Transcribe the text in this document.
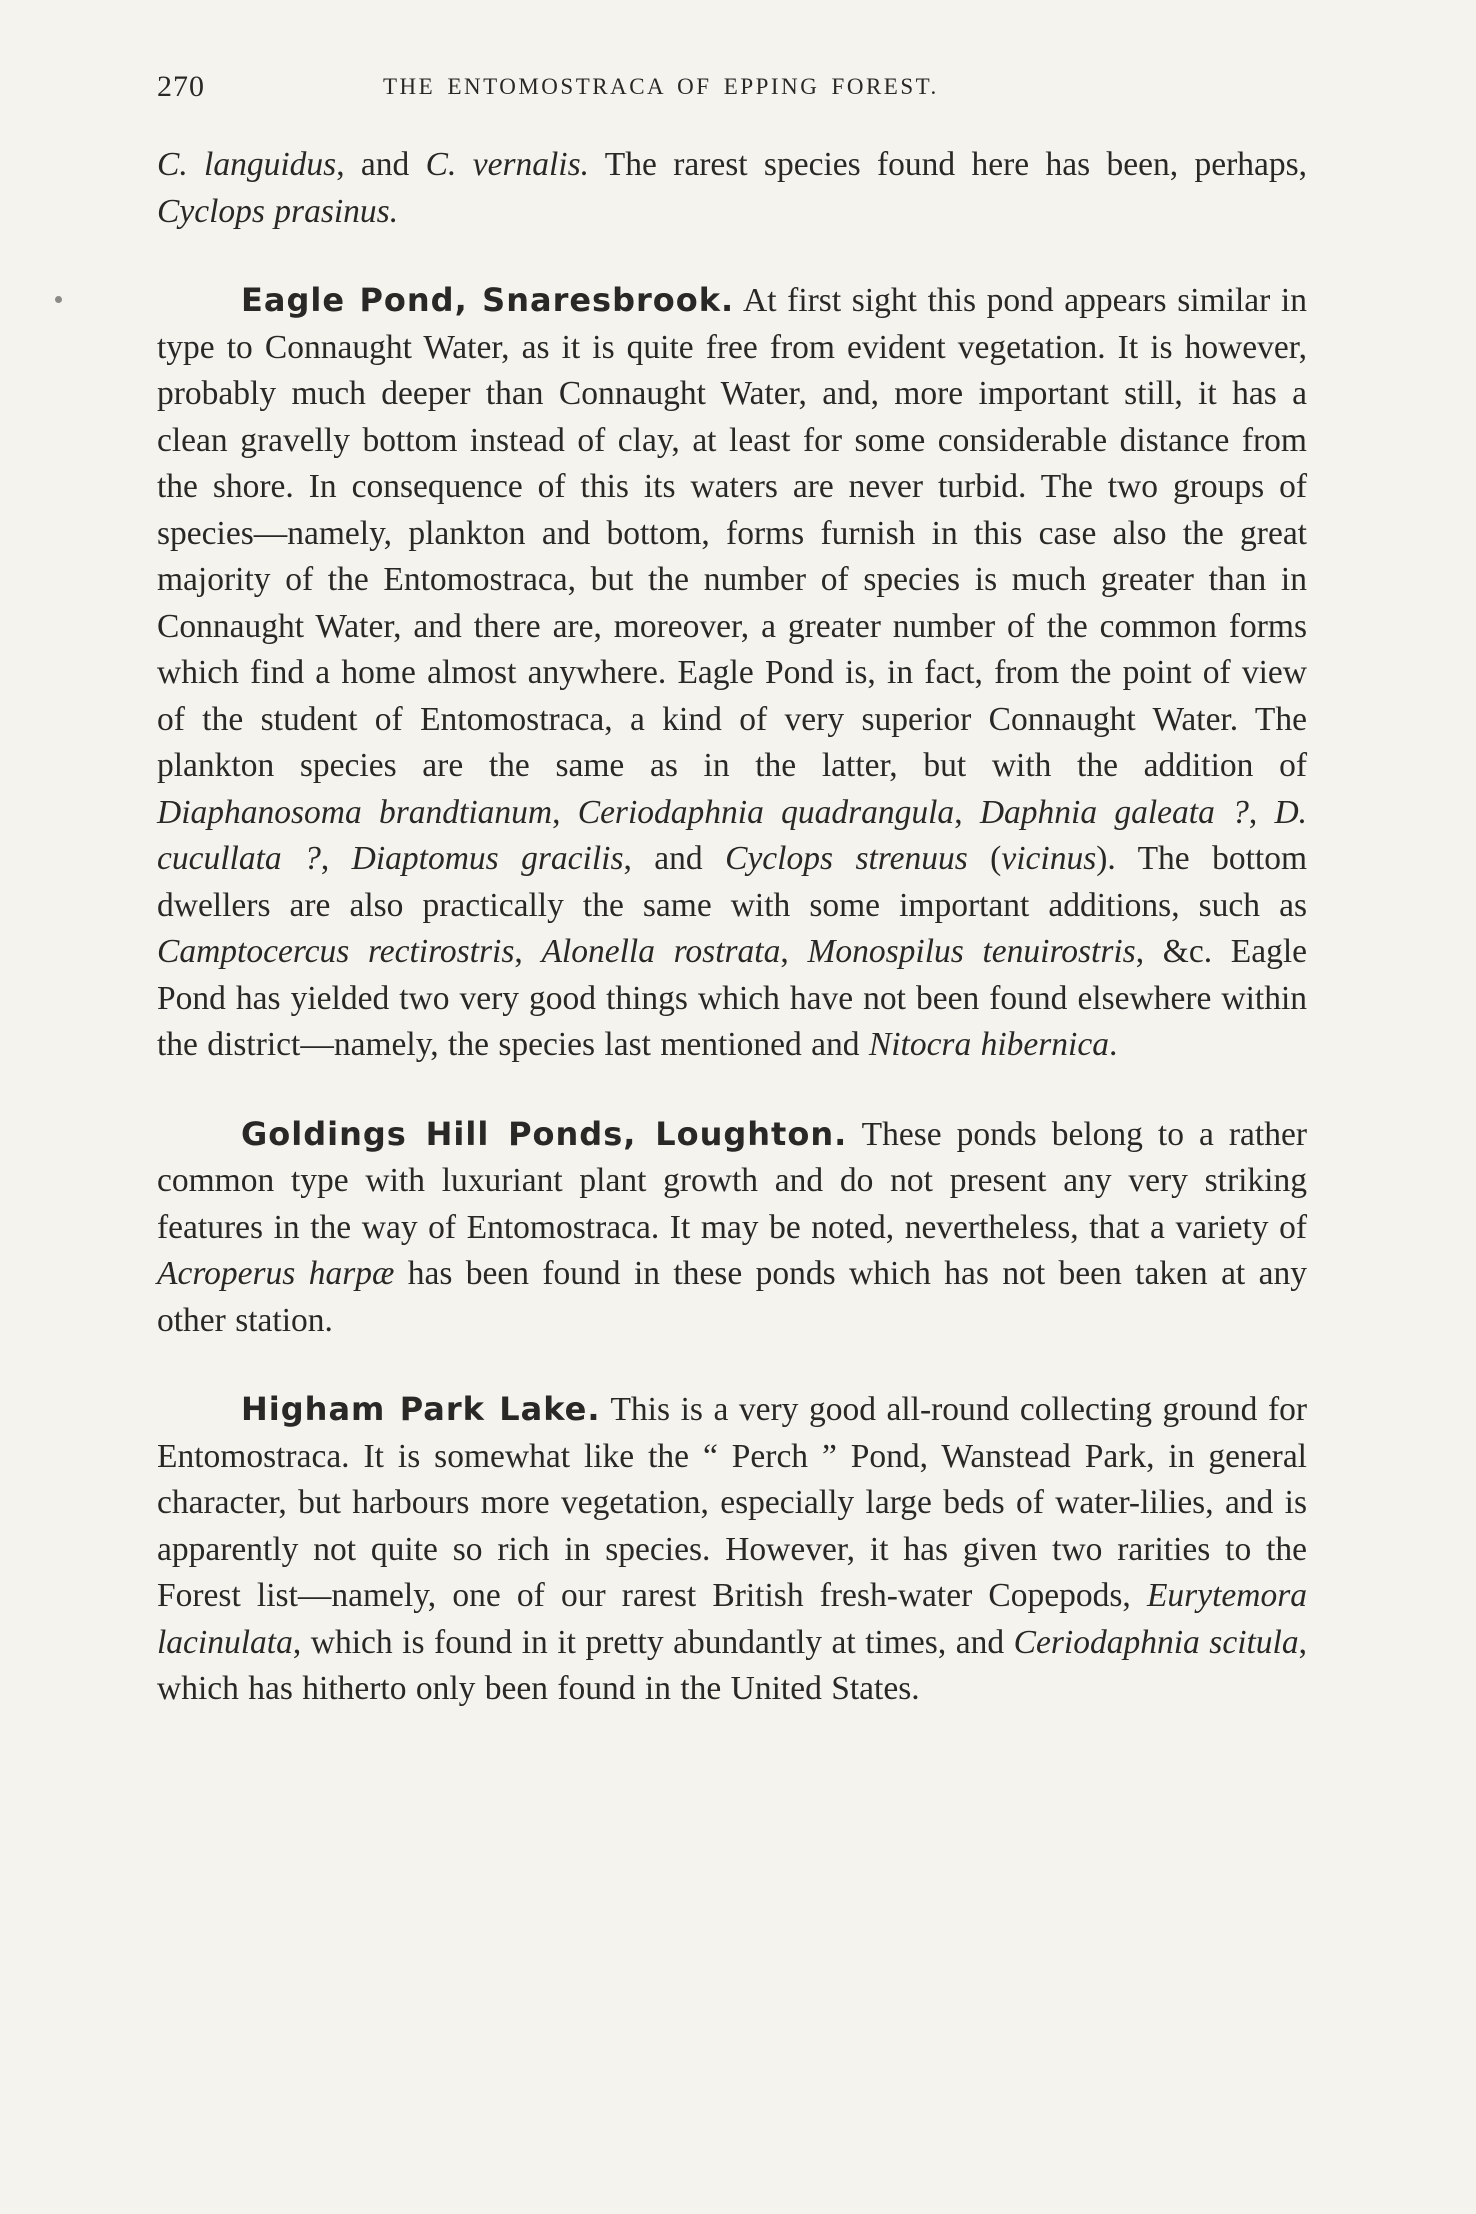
270	THE ENTOMOSTRACA OF EPPING FOREST.

C. languidus, and C. vernalis. The rarest species found here has been, perhaps, Cyclops prasinus.

Eagle Pond, Snaresbrook. At first sight this pond appears similar in type to Connaught Water, as it is quite free from evident vegetation. It is however, probably much deeper than Connaught Water, and, more important still, it has a clean gravelly bottom instead of clay, at least for some considerable distance from the shore. In consequence of this its waters are never turbid. The two groups of species—namely, plankton and bottom, forms furnish in this case also the great majority of the Entomostraca, but the number of species is much greater than in Connaught Water, and there are, moreover, a greater number of the common forms which find a home almost anywhere. Eagle Pond is, in fact, from the point of view of the student of Entomostraca, a kind of very superior Connaught Water. The plankton species are the same as in the latter, but with the addition of Diaphanosoma brandtianum, Ceriodaphnia quadrangula, Daphnia galeata ?, D. cucullata ?, Diaptomus gracilis, and Cyclops strenuus (vicinus). The bottom dwellers are also practically the same with some important additions, such as Camptocercus rectirostris, Alonella rostrata, Monospilus tenuirostris, &c. Eagle Pond has yielded two very good things which have not been found elsewhere within the district—namely, the species last mentioned and Nitocra hibernica.

Goldings Hill Ponds, Loughton. These ponds belong to a rather common type with luxuriant plant growth and do not present any very striking features in the way of Entomostraca. It may be noted, nevertheless, that a variety of Acroperus harpæ has been found in these ponds which has not been taken at any other station.

Higham Park Lake. This is a very good all-round collecting ground for Entomostraca. It is somewhat like the “ Perch ” Pond, Wanstead Park, in general character, but harbours more vegetation, especially large beds of water-lilies, and is apparently not quite so rich in species. However, it has given two rarities to the Forest list—namely, one of our rarest British fresh-water Copepods, Eurytemora lacinulata, which is found in it pretty abundantly at times, and Ceriodaphnia scitula, which has hitherto only been found in the United States.
